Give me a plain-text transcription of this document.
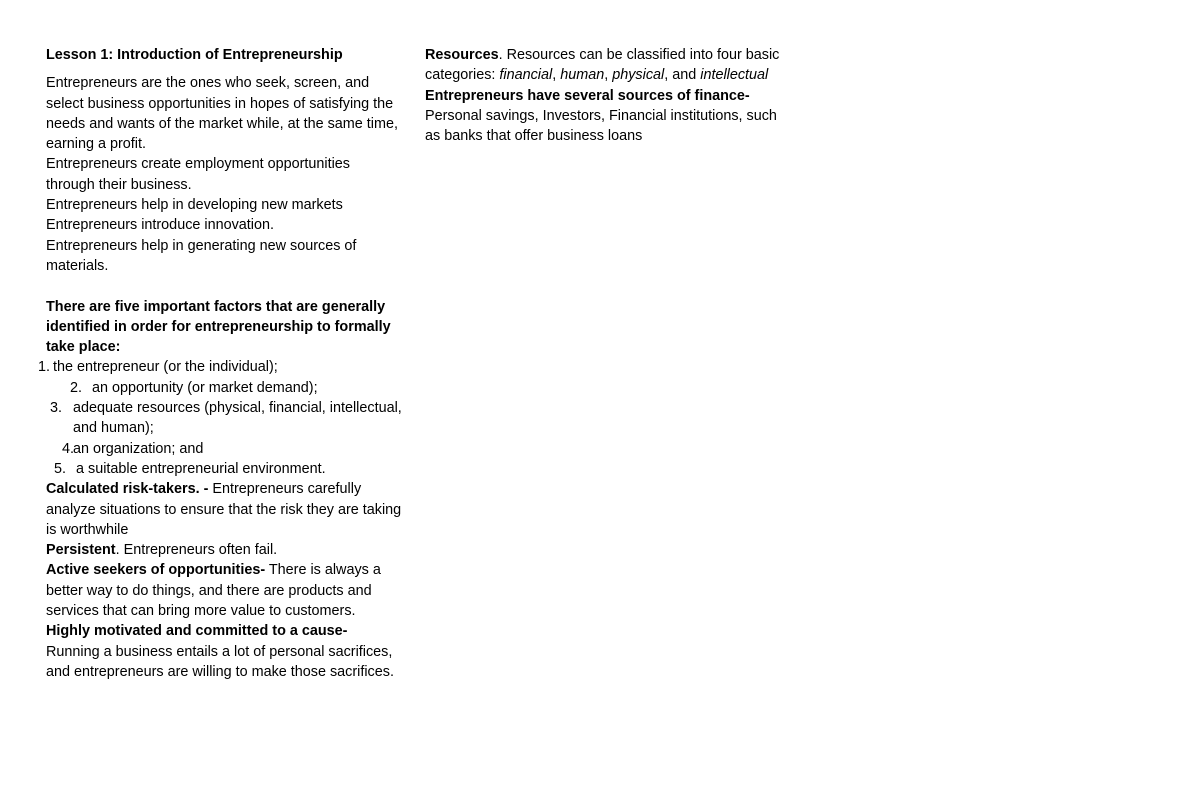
Lesson 1: Introduction of Entrepreneurship

Entrepreneurs are the ones who seek, screen, and select business opportunities in hopes of satisfying the needs and wants of the market while, at the same time, earning a profit.

Entrepreneurs create employment opportunities through their business.

Entrepreneurs help in developing new markets

Entrepreneurs introduce innovation.

Entrepreneurs help in generating new sources of materials.

There are five important factors that are generally identified in order for entrepreneurship to formally take place:

1. the entrepreneur (or the individual);

2. an opportunity (or market demand);

3. adequate resources (physical, financial, intellectual, and human);

4.an organization; and

5. a suitable entrepreneurial environment.

Calculated risk-takers. - Entrepreneurs carefully analyze situations to ensure that the risk they are taking is worthwhile

Persistent. Entrepreneurs often fail.

Active seekers of opportunities- There is always a better way to do things, and there are products and services that can bring more value to customers.

Highly motivated and committed to a cause- Running a business entails a lot of personal sacrifices, and entrepreneurs are willing to make those sacrifices.

Resources. Resources can be classified into four basic categories: financial, human, physical, and intellectual

Entrepreneurs have several sources of finance-

Personal savings, Investors, Financial institutions, such as banks that offer business loans
